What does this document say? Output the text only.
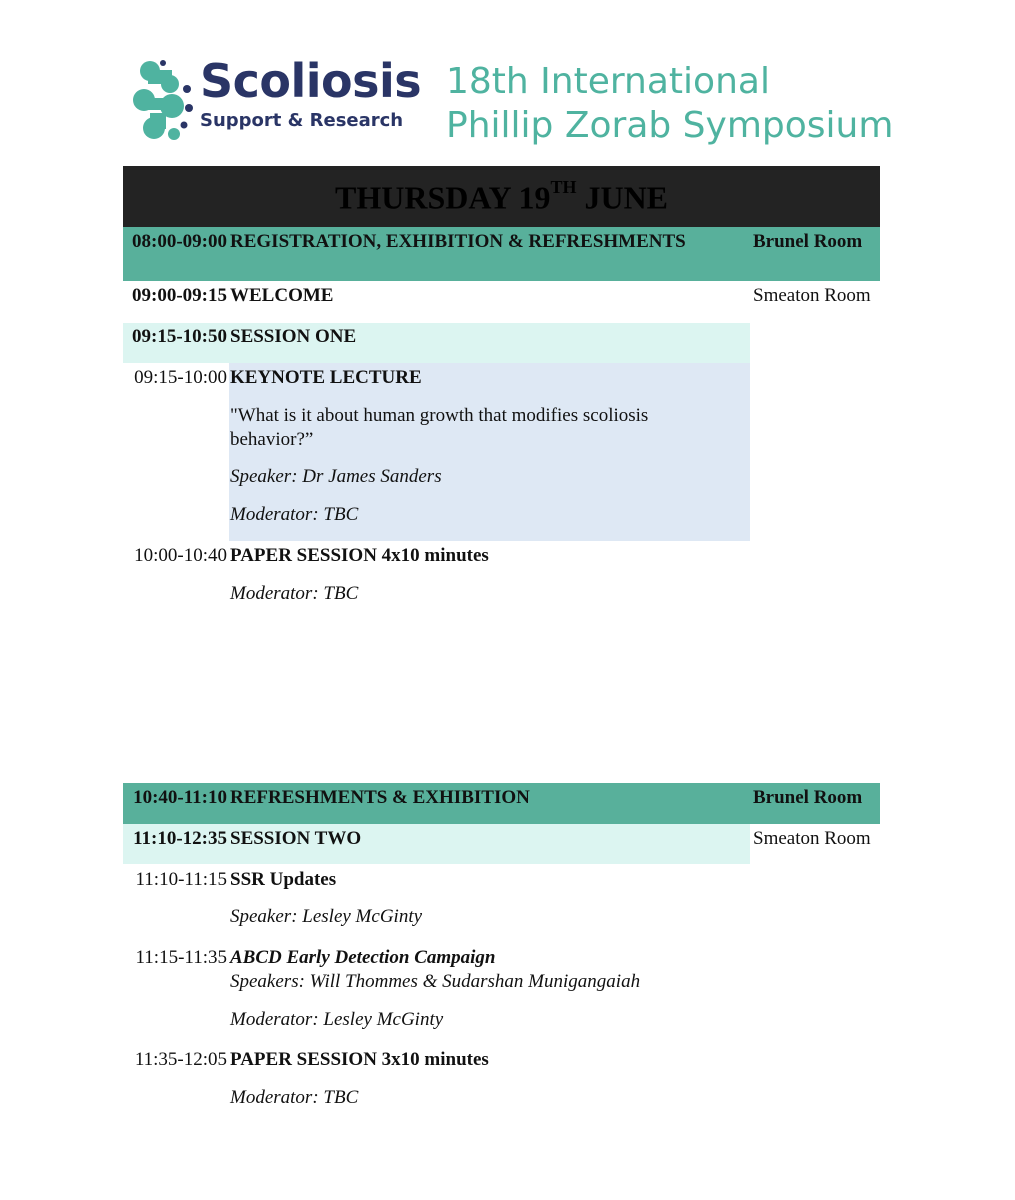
Scoliosis
Support & Research
18th International
Phillip Zorab Symposium
THURSDAY 19TH JUNE
08:00-09:00 REGISTRATION, EXHIBITION & REFRESHMENTS	Brunel Room
09:00-09:15 WELCOME	Smeaton Room
09:15-10:50 SESSION ONE
09:15-10:00 KEYNOTE LECTURE
"What is it about human growth that modifies scoliosis
behavior?”
Speaker: Dr James Sanders
Moderator: TBC
10:00-10:40 PAPER SESSION 4x10 minutes
Moderator: TBC
10:40-11:10 REFRESHMENTS & EXHIBITION	Brunel Room
11:10-12:35 SESSION TWO	Smeaton Room
11:10-11:15 SSR Updates
Speaker: Lesley McGinty
11:15-11:35 ABCD Early Detection Campaign
Speakers: Will Thommes & Sudarshan Munigangaiah
Moderator: Lesley McGinty
11:35-12:05 PAPER SESSION 3x10 minutes
Moderator: TBC
